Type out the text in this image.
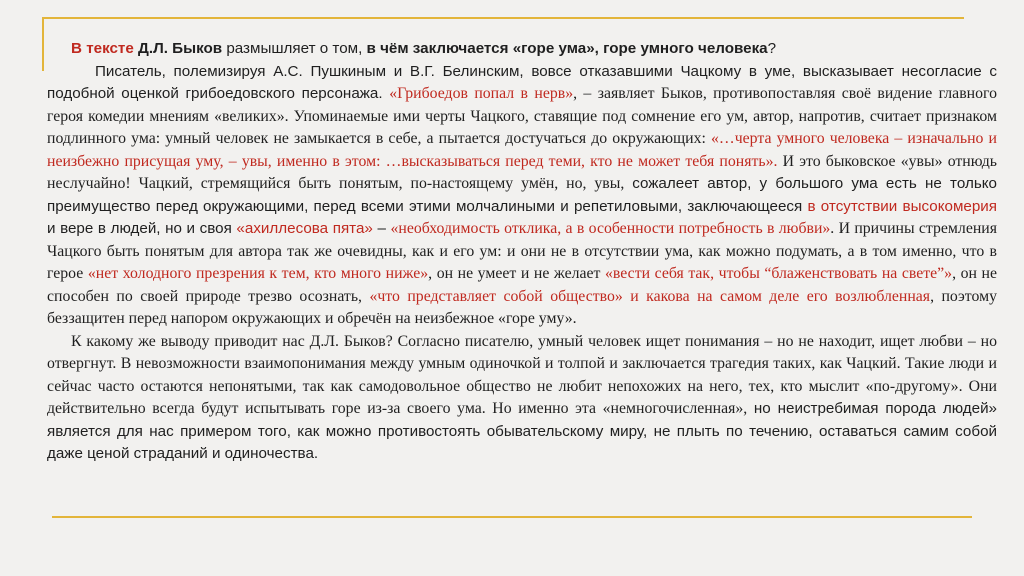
В тексте Д.Л. Быков размышляет о том, в чём заключается «горе ума», горе умного человека?

Писатель, полемизируя А.С. Пушкиным и В.Г. Белинским, вовсе отказавшими Чацкому в уме, высказывает несогласие с подобной оценкой грибоедовского персонажа. «Грибоедов попал в нерв», – заявляет Быков, противопоставляя своё видение главного героя комедии мнениям «великих». Упоминаемые ими черты Чацкого, ставящие под сомнение его ум, автор, напротив, считает признаком подлинного ума: умный человек не замыкается в себе, а пытается достучаться до окружающих: «…черта умного человека – изначально и неизбежно присущая уму, – увы, именно в этом: …высказываться перед теми, кто не может тебя понять». И это быковское «увы» отнюдь неслучайно! Чацкий, стремящийся быть понятым, по-настоящему умён, но, увы, сожалеет автор, у большого ума есть не только преимущество перед окружающими, перед всеми этими молчалиными и репетиловыми, заключающееся в отсутствии высокомерия и вере в людей, но и своя «ахиллесова пята» – «необходимость отклика, а в особенности потребность в любви». И причины стремления Чацкого быть понятым для автора так же очевидны, как и его ум: и они не в отсутствии ума, как можно подумать, а в том именно, что в герое «нет холодного презрения к тем, кто много ниже», он не умеет и не желает «вести себя так, чтобы “блаженствовать на свете”», он не способен по своей природе трезво осознать, «что представляет собой общество» и какова на самом деле его возлюбленная, поэтому беззащитен перед напором окружающих и обречён на неизбежное «горе уму».

К какому же выводу приводит нас Д.Л. Быков? Согласно писателю, умный человек ищет понимания – но не находит, ищет любви – но отвергнут. В невозможности взаимопонимания между умным одиночкой и толпой и заключается трагедия таких, как Чацкий. Такие люди и сейчас часто остаются непонятыми, так как самодовольное общество не любит непохожих на него, тех, кто мыслит «по-другому». Они действительно всегда будут испытывать горе из-за своего ума. Но именно эта «немногочисленная», но неистребимая порода людей» является для нас примером того, как можно противостоять обывательскому миру, не плыть по течению, оставаться самим собой даже ценой страданий и одиночества.
